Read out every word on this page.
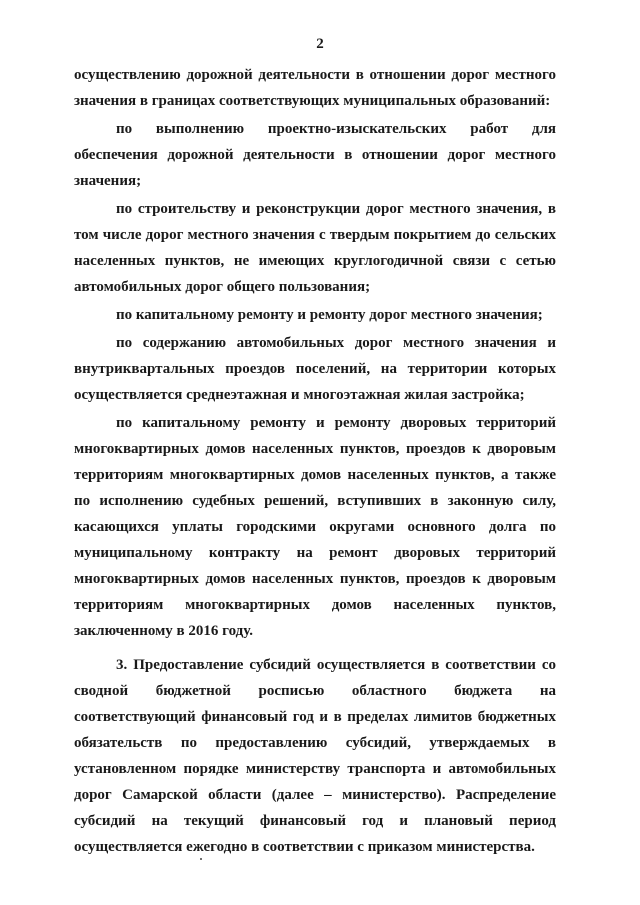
2

осуществлению дорожной деятельности в отношении дорог местного значения в границах соответствующих муниципальных образований:

по выполнению проектно-изыскательских работ для обеспечения дорожной деятельности в отношении дорог местного значения;

по строительству и реконструкции дорог местного значения, в том числе дорог местного значения с твердым покрытием до сельских населенных пунктов, не имеющих круглогодичной связи с сетью автомобильных дорог общего пользования;

по капитальному ремонту и ремонту дорог местного значения;

по содержанию автомобильных дорог местного значения и внутриквартальных проездов поселений, на территории которых осуществляется среднеэтажная и многоэтажная жилая застройка;

по капитальному ремонту и ремонту дворовых территорий многоквартирных домов населенных пунктов, проездов к дворовым территориям многоквартирных домов населенных пунктов, а также по исполнению судебных решений, вступивших в законную силу, касающихся уплаты городскими округами основного долга по муниципальному контракту на ремонт дворовых территорий многоквартирных домов населенных пунктов, проездов к дворовым территориям многоквартирных домов населенных пунктов, заключенному в 2016 году.

3. Предоставление субсидий осуществляется в соответствии со сводной бюджетной росписью областного бюджета на соответствующий финансовый год и в пределах лимитов бюджетных обязательств по предоставлению субсидий, утверждаемых в установленном порядке министерству транспорта и автомобильных дорог Самарской области (далее – министерство). Распределение субсидий на текущий финансовый год и плановый период осуществляется ежегодно в соответствии с приказом министерства.
